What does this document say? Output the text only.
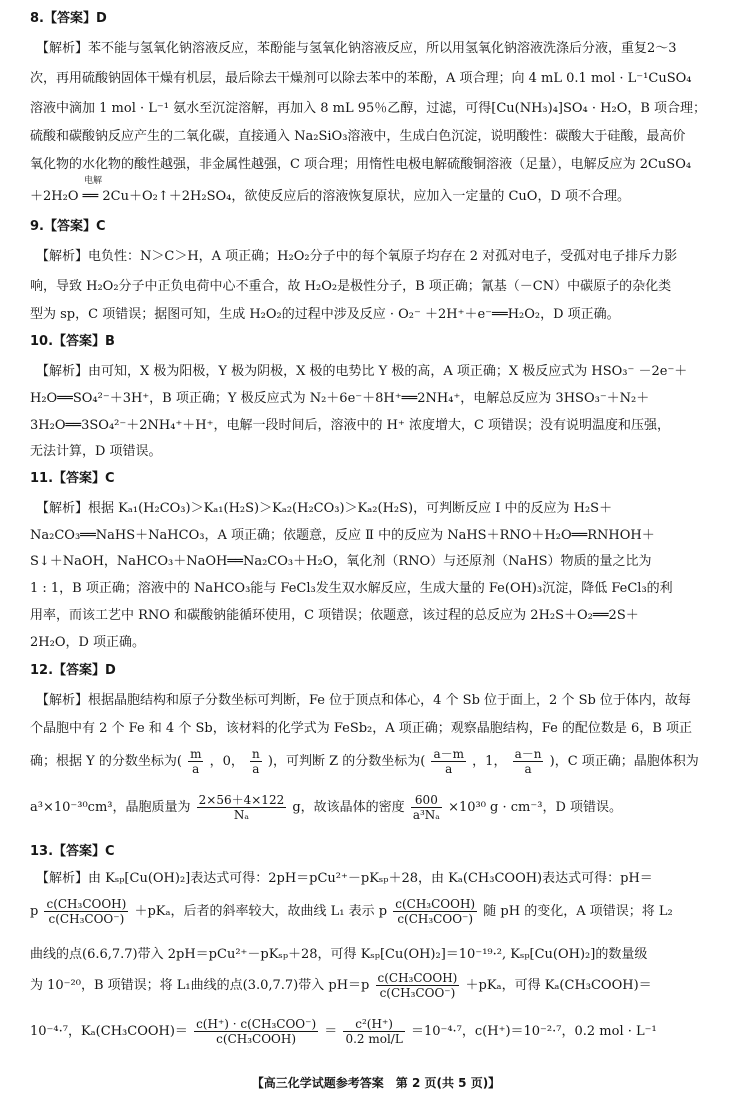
8.【答案】D
【解析】苯不能与氢氧化钠溶液反应，苯酚能与氢氧化钠溶液反应，所以用氢氧化钠溶液洗涤后分液，重复2～3
次，再用硫酸钠固体干燥有机层，最后除去干燥剂可以除去苯中的苯酚，A 项合理；向 4 mL 0.1 mol · L⁻¹CuSO₄
溶液中滴加 1 mol · L⁻¹ 氨水至沉淀溶解，再加入 8 mL 95％乙醇，过滤，可得[Cu(NH₃)₄]SO₄ · H₂O，B 项合理；
硫酸和碳酸钠反应产生的二氧化碳，直接通入 Na₂SiO₃溶液中，生成白色沉淀，说明酸性：碳酸大于硅酸，最高价
氧化物的水化物的酸性越强，非金属性越强，C 项合理；用惰性电极电解硫酸铜溶液（足量），电解反应为 2CuSO₄
电解
＋2H₂O ══ 2Cu＋O₂↑＋2H₂SO₄，欲使反应后的溶液恢复原状，应加入一定量的 CuO，D 项不合理。
9.【答案】C
【解析】电负性：N＞C＞H，A 项正确；H₂O₂分子中的每个氧原子均存在 2 对孤对电子，受孤对电子排斥力影
响，导致 H₂O₂分子中正负电荷中心不重合，故 H₂O₂是极性分子，B 项正确；氰基（－CN）中碳原子的杂化类
型为 sp，C 项错误；据图可知，生成 H₂O₂的过程中涉及反应 · O₂⁻ ＋2H⁺＋e⁻══H₂O₂，D 项正确。
10.【答案】B
【解析】由可知，X 极为阳极，Y 极为阴极，X 极的电势比 Y 极的高，A 项正确；X 极反应式为 HSO₃⁻ －2e⁻＋
H₂O══SO₄²⁻＋3H⁺，B 项正确；Y 极反应式为 N₂＋6e⁻＋8H⁺══2NH₄⁺，电解总反应为 3HSO₃⁻＋N₂＋
3H₂O══3SO₄²⁻＋2NH₄⁺＋H⁺，电解一段时间后，溶液中的 H⁺ 浓度增大，C 项错误；没有说明温度和压强，
无法计算，D 项错误。
11.【答案】C
【解析】根据 Kₐ₁(H₂CO₃)＞Kₐ₁(H₂S)＞Kₐ₂(H₂CO₃)＞Kₐ₂(H₂S)，可判断反应 Ⅰ 中的反应为 H₂S＋
Na₂CO₃══NaHS＋NaHCO₃，A 项正确；依题意，反应 Ⅱ 中的反应为 NaHS＋RNO＋H₂O══RNHOH＋
S↓＋NaOH，NaHCO₃＋NaOH══Na₂CO₃＋H₂O，氧化剂（RNO）与还原剂（NaHS）物质的量之比为
1 : 1，B 项正确；溶液中的 NaHCO₃能与 FeCl₃发生双水解反应，生成大量的 Fe(OH)₃沉淀，降低 FeCl₃的利
用率，而该工艺中 RNO 和碳酸钠能循环使用，C 项错误；依题意，该过程的总反应为 2H₂S＋O₂══2S＋
2H₂O，D 项正确。
12.【答案】D
【解析】根据晶胞结构和原子分数坐标可判断，Fe 位于顶点和体心，4 个 Sb 位于面上，2 个 Sb 位于体内，故每
个晶胞中有 2 个 Fe 和 4 个 Sb，该材料的化学式为 FeSb₂，A 项正确；观察晶胞结构，Fe 的配位数是 6，B 项正
确；根据 Y 的分数坐标为( $\frac{m}{a}$ ，0， $\frac{n}{a}$ )，可判断 Z 的分数坐标为( $\frac{a-m}{a}$ ，1， $\frac{a-n}{a}$ )，C 项正确；晶胞体积为
a³×10⁻³⁰cm³，晶胞质量为 $\frac{2\times 56+4\times 122}{\text{Nₐ}}$ g，故该晶体的密度 $\frac{600}{\text{a³Nₐ}} \times 10^{30}$ g · cm⁻³，D 项错误。
13.【答案】C
【解析】由 Kₛₚ[Cu(OH)₂]表达式可得：2pH＝pCu²⁺－pKₛₚ＋28，由 Kₐ(CH₃COOH)表达式可得：pH＝
p $\frac{\text{c(CH₃COOH)}}{\text{c(CH₃COO⁻)}} +pK_a$，后者的斜率较大，故曲线 L₁ 表示 p $\frac{\text{c(CH₃COOH)}}{\text{c(CH₃COO⁻)}}$ 随 pH 的变化，A 项错误；将 L₂
曲线的点(6.6,7.7)带入 2pH＝pCu²⁺－pKₛₚ＋28，可得 Kₛₚ[Cu(OH)₂]＝10⁻¹⁹·², Kₛₚ[Cu(OH)₂]的数量级
为 10⁻²⁰，B 项错误；将 L₁曲线的点(3.0,7.7)带入 $pH=p \frac{\text{c(CH₃COOH)}}{\text{c(CH₃COO⁻)}} +pK_a$，可得 Kₐ(CH₃COOH)＝
10⁻⁴·⁷，Kₐ(CH₃COOH)＝ $\frac{\text{c(H⁺) · c(CH₃COO⁻)}}{\text{c(CH₃COOH)}} = \frac{\text{c²(H⁺)}}{\text{0.2 mol/L}} =10^{-4}\cdot^7$，c(H⁺)＝10⁻²·⁷，0.2 mol · L⁻¹
【高三化学试题参考答案　第 2 页(共 5 页)】
